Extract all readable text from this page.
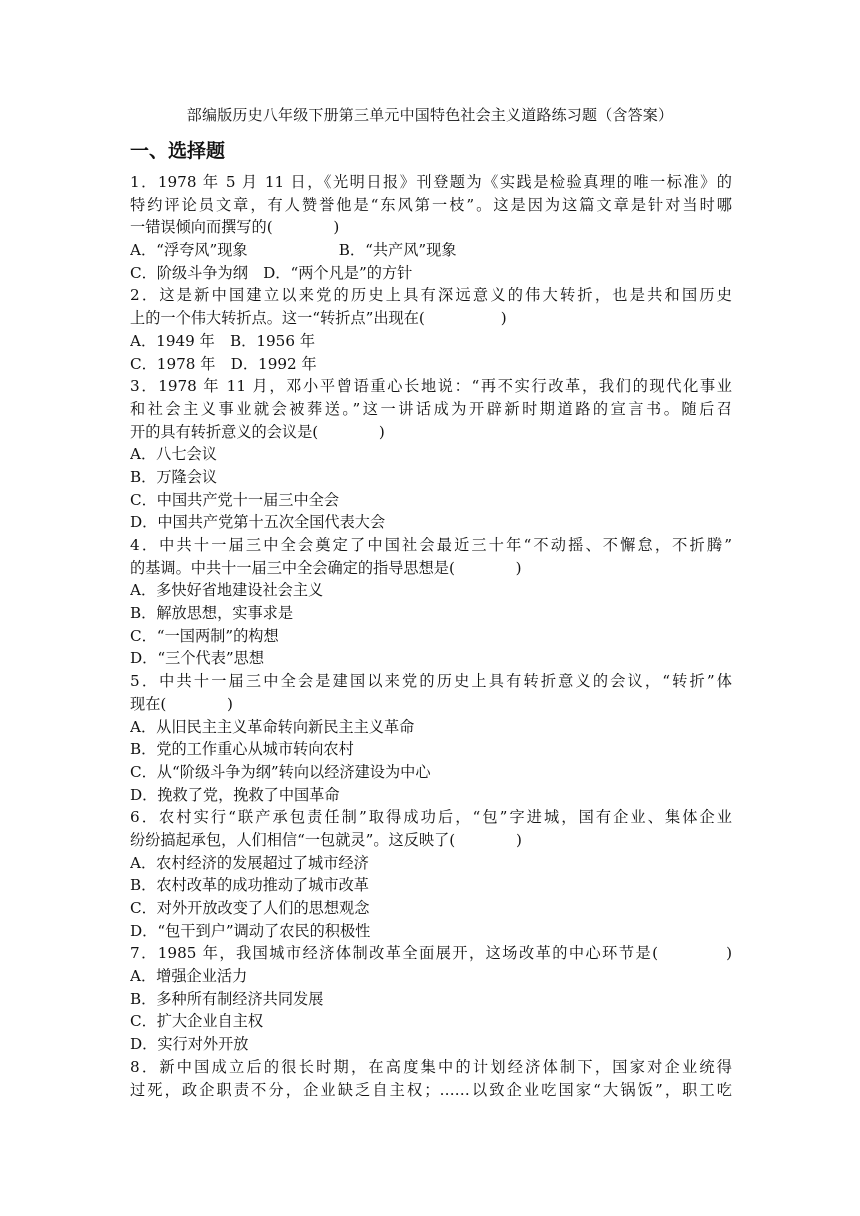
部编版历史八年级下册第三单元中国特色社会主义道路练习题（含答案）
一、选择题
1．1978 年 5 月 11 日，《光明日报》刊登题为《实践是检验真理的唯一标准》的
特约评论员文章，有人赞誉他是“东风第一枝”。这是因为这篇文章是针对当时哪
一错误倾向而撰写的(　　　　)
A．“浮夸风”现象　　　　　　B．“共产风”现象
C．阶级斗争为纲　D．“两个凡是”的方针
2．这是新中国建立以来党的历史上具有深远意义的伟大转折，也是共和国历史
上的一个伟大转折点。这一“转折点”出现在(　　　　　)
A．1949 年　B．1956 年
C．1978 年　D．1992 年
3．1978 年 11 月，邓小平曾语重心长地说：“再不实行改革，我们的现代化事业
和社会主义事业就会被葬送。”这一讲话成为开辟新时期道路的宣言书。随后召
开的具有转折意义的会议是(　　　　)
A．八七会议
B．万隆会议
C．中国共产党十一届三中全会
D．中国共产党第十五次全国代表大会
4．中共十一届三中全会奠定了中国社会最近三十年“不动摇、不懈怠，不折腾”
的基调。中共十一届三中全会确定的指导思想是(　　　　)
A．多快好省地建设社会主义
B．解放思想，实事求是
C．“一国两制”的构想
D．“三个代表”思想
5．中共十一届三中全会是建国以来党的历史上具有转折意义的会议，“转折”体
现在(　　　　)
A．从旧民主主义革命转向新民主主义革命
B．党的工作重心从城市转向农村
C．从“阶级斗争为纲”转向以经济建设为中心
D．挽救了党，挽救了中国革命
6．农村实行“联产承包责任制”取得成功后，“包”字进城，国有企业、集体企业
纷纷搞起承包，人们相信“一包就灵”。这反映了(　　　　)
A．农村经济的发展超过了城市经济
B．农村改革的成功推动了城市改革
C．对外开放改变了人们的思想观念
D．“包干到户”调动了农民的积极性
7．1985 年，我国城市经济体制改革全面展开，这场改革的中心环节是(　　　　)
A．增强企业活力
B．多种所有制经济共同发展
C．扩大企业自主权
D．实行对外开放
8．新中国成立后的很长时期，在高度集中的计划经济体制下，国家对企业统得
过死，政企职责不分，企业缺乏自主权；……以致企业吃国家“大锅饭”，职工吃
